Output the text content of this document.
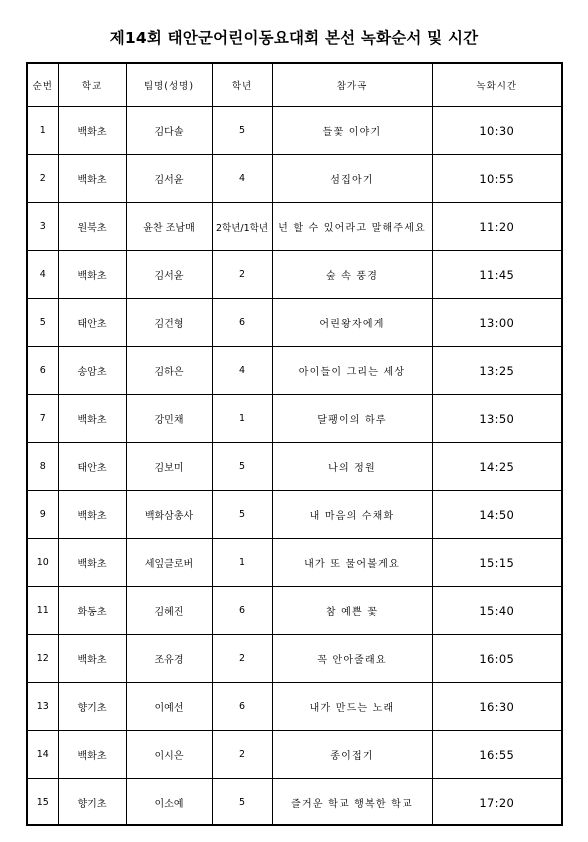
제14회 태안군어린이동요대회 본선 녹화순서 및 시간
순번	학교	팀명(성명)	학년	참가곡	녹화시간
1	백화초	김다솔	5	들꽃 이야기	10:30
2	백화초	김서윤	4	섬집아기	10:55
3	원북초	윤찬 조남매	2학년/1학년	넌 할 수 있어라고 말해주세요	11:20
4	백화초	김서윤	2	숲 속 풍경	11:45
5	태안초	김건형	6	어린왕자에게	13:00
6	송암초	김하은	4	아이들이 그리는 세상	13:25
7	백화초	강민채	1	달팽이의 하루	13:50
8	태안초	김보미	5	나의 정원	14:25
9	백화초	백화삼총사	5	내 마음의 수채화	14:50
10	백화초	세잎클로버	1	내가 또 물어볼게요	15:15
11	화동초	김혜진	6	참 예쁜 꽃	15:40
12	백화초	조유경	2	꼭 안아줄래요	16:05
13	향기초	이예선	6	내가 만드는 노래	16:30
14	백화초	이시은	2	종이접기	16:55
15	향기초	이소예	5	즐거운 학교 행복한 학교	17:20
